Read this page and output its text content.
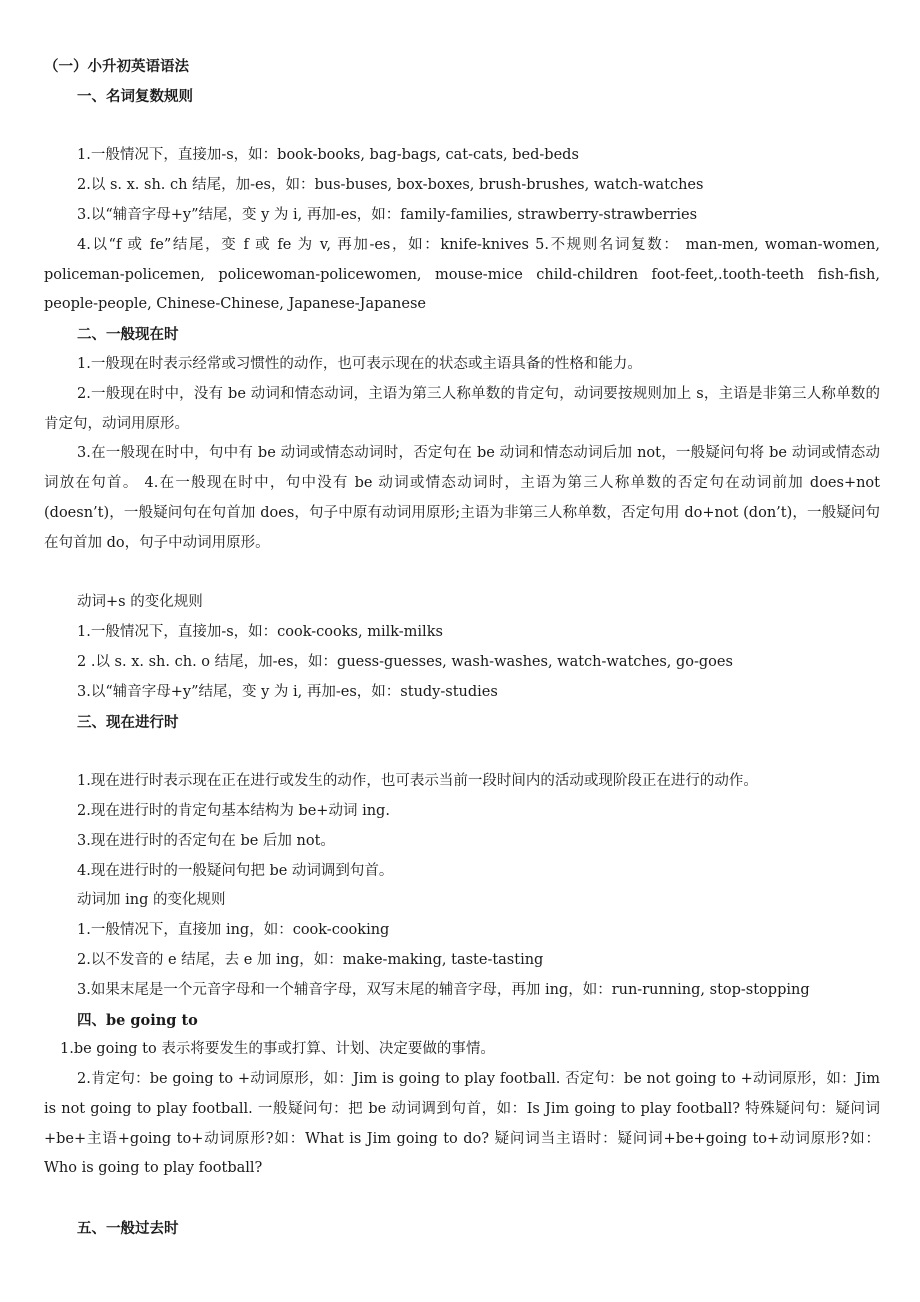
（一）小升初英语语法

一、名词复数规则

1.一般情况下，直接加-s，如：book-books, bag-bags, cat-cats, bed-beds

2.以 s. x. sh. ch 结尾，加-es，如：bus-buses, box-boxes, brush-brushes, watch-watches

3.以“辅音字母+y”结尾，变 y 为 i, 再加-es，如：family-families, strawberry-strawberries

4.以“f 或 fe”结尾，变 f 或 fe 为 v, 再加-es，如：knife-knives 5.不规则名词复数： man-men, woman-women, policeman-policemen, policewoman-policewomen, mouse-mice child-children foot-feet,.tooth-teeth fish-fish, people-people, Chinese-Chinese, Japanese-Japanese

二、一般现在时

1.一般现在时表示经常或习惯性的动作，也可表示现在的状态或主语具备的性格和能力。

2.一般现在时中，没有 be 动词和情态动词，主语为第三人称单数的肯定句，动词要按规则加上 s，主语是非第三人称单数的肯定句，动词用原形。

3.在一般现在时中，句中有 be 动词或情态动词时，否定句在 be 动词和情态动词后加 not，一般疑问句将 be 动词或情态动词放在句首。 4.在一般现在时中，句中没有 be 动词或情态动词时，主语为第三人称单数的否定句在动词前加 does+not (doesn’t)，一般疑问句在句首加 does，句子中原有动词用原形;主语为非第三人称单数，否定句用 do+not (don’t)，一般疑问句在句首加 do，句子中动词用原形。

动词+s 的变化规则

1.一般情况下，直接加-s，如：cook-cooks, milk-milks

2 .以 s. x. sh. ch. o 结尾，加-es，如：guess-guesses, wash-washes, watch-watches, go-goes

3.以“辅音字母+y”结尾，变 y 为 i, 再加-es，如：study-studies

三、现在进行时

1.现在进行时表示现在正在进行或发生的动作，也可表示当前一段时间内的活动或现阶段正在进行的动作。

2.现在进行时的肯定句基本结构为 be+动词 ing.

3.现在进行时的否定句在 be 后加 not。

4.现在进行时的一般疑问句把 be 动词调到句首。

动词加 ing 的变化规则

1.一般情况下，直接加 ing，如：cook-cooking

2.以不发音的 e 结尾，去 e 加 ing，如：make-making, taste-tasting

3.如果末尾是一个元音字母和一个辅音字母，双写末尾的辅音字母，再加 ing，如：run-running, stop-stopping

四、be going to

1.be going to 表示将要发生的事或打算、计划、决定要做的事情。

2.肯定句：be going to +动词原形，如：Jim is going to play football. 否定句：be not going to +动词原形，如：Jim is not going to play football. 一般疑问句：把 be 动词调到句首，如：Is Jim going to play football? 特殊疑问句：疑问词+be+主语+going to+动词原形?如：What is Jim going to do? 疑问词当主语时：疑问词+be+going to+动词原形?如：Who is going to play football?

五、一般过去时
